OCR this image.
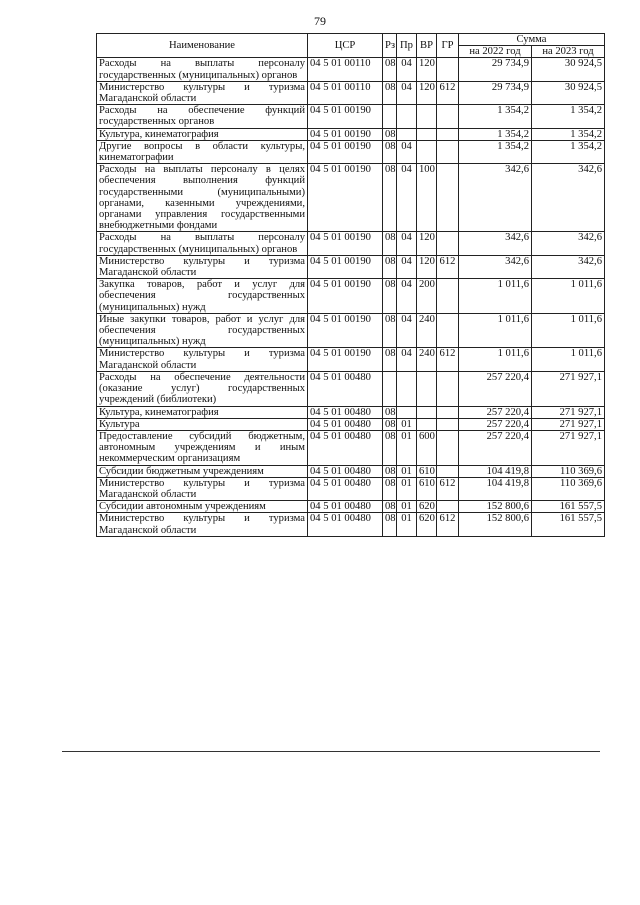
79
Наименование	ЦСР	Рз	Пр	ВР	ГР	Сумма	
						на 2022 год	на 2023 год
Расходы на выплаты персоналу государственных (муниципальных) органов	04 5 01 00110	08	04	120		29 734,9	30 924,5
Министерство культуры и туризма Магаданской области	04 5 01 00110	08	04	120	612	29 734,9	30 924,5
Расходы на обеспечение функций государственных органов	04 5 01 00190					1 354,2	1 354,2
Культура, кинематография	04 5 01 00190	08				1 354,2	1 354,2
Другие вопросы в области культуры, кинематографии	04 5 01 00190	08	04			1 354,2	1 354,2
Расходы на выплаты персоналу в целях обеспечения выполнения функций государственными (муниципальными) органами, казенными учреждениями, органами управления государственными внебюджетными фондами	04 5 01 00190	08	04	100		342,6	342,6
Расходы на выплаты персоналу государственных (муниципальных) органов	04 5 01 00190	08	04	120		342,6	342,6
Министерство культуры и туризма Магаданской области	04 5 01 00190	08	04	120	612	342,6	342,6
Закупка товаров, работ и услуг для обеспечения государственных (муниципальных) нужд	04 5 01 00190	08	04	200		1 011,6	1 011,6
Иные закупки товаров, работ и услуг для обеспечения государственных (муниципальных) нужд	04 5 01 00190	08	04	240		1 011,6	1 011,6
Министерство культуры и туризма Магаданской области	04 5 01 00190	08	04	240	612	1 011,6	1 011,6
Расходы на обеспечение деятельности (оказание услуг) государственных учреждений (библиотеки)	04 5 01 00480					257 220,4	271 927,1
Культура, кинематография	04 5 01 00480	08				257 220,4	271 927,1
Культура	04 5 01 00480	08	01			257 220,4	271 927,1
Предоставление субсидий бюджетным, автономным учреждениям и иным некоммерческим организациям	04 5 01 00480	08	01	600		257 220,4	271 927,1
Субсидии бюджетным учреждениям	04 5 01 00480	08	01	610		104 419,8	110 369,6
Министерство культуры и туризма Магаданской области	04 5 01 00480	08	01	610	612	104 419,8	110 369,6
Субсидии автономным учреждениям	04 5 01 00480	08	01	620		152 800,6	161 557,5
Министерство культуры и туризма Магаданской области	04 5 01 00480	08	01	620	612	152 800,6	161 557,5
